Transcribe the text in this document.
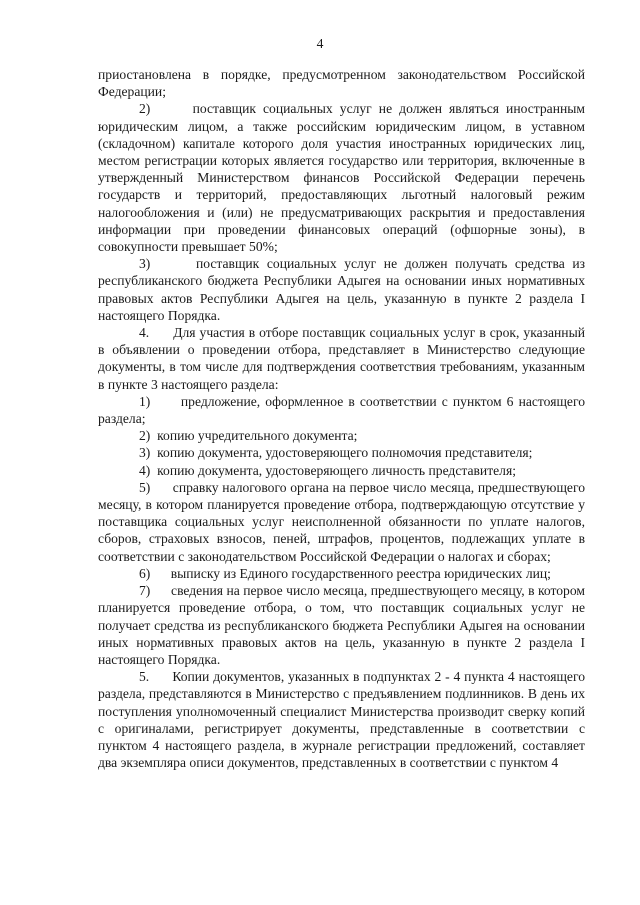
4

приостановлена в порядке, предусмотренном законодательством Российской Федерации;

2)      поставщик социальных услуг не должен являться иностранным юридическим лицом, а также российским юридическим лицом, в уставном (складочном) капитале которого доля участия иностранных юридических лиц, местом регистрации которых является государство или территория, включенные в утвержденный Министерством финансов Российской Федерации перечень государств и территорий, предоставляющих льготный налоговый режим налогообложения и (или) не предусматривающих раскрытия и предоставления информации при проведении финансовых операций (офшорные зоны), в совокупности превышает 50%;

3)      поставщик социальных услуг не должен получать средства из республиканского бюджета Республики Адыгея на основании иных нормативных правовых актов Республики Адыгея на цель, указанную в пункте 2 раздела I настоящего Порядка.

4.      Для участия в отборе поставщик социальных услуг в срок, указанный в объявлении о проведении отбора, представляет в Министерство следующие документы, в том числе для подтверждения соответствия требованиям, указанным в пункте 3 настоящего раздела:

1)      предложение, оформленное в соответствии с пунктом 6 настоящего раздела;

2)  копию учредительного документа;

3)  копию документа, удостоверяющего полномочия представителя;

4)  копию документа, удостоверяющего личность представителя;

5)      справку налогового органа на первое число месяца, предшествующего месяцу, в котором планируется проведение отбора, подтверждающую отсутствие у поставщика социальных услуг неисполненной обязанности по уплате налогов, сборов, страховых взносов, пеней, штрафов, процентов, подлежащих уплате в соответствии с законодательством Российской Федерации о налогах и сборах;

6)      выписку из Единого государственного реестра юридических лиц;

7)      сведения на первое число месяца, предшествующего месяцу, в котором планируется проведение отбора, о том, что поставщик социальных услуг не получает средства из республиканского бюджета Республики Адыгея на основании иных нормативных правовых актов на цель, указанную в пункте 2 раздела I настоящего Порядка.

5.      Копии документов, указанных в подпунктах 2 - 4 пункта 4 настоящего раздела, представляются в Министерство с предъявлением подлинников. В день их поступления уполномоченный специалист Министерства производит сверку копий с оригиналами, регистрирует документы, представленные в соответствии с пунктом 4 настоящего раздела, в журнале регистрации предложений, составляет два экземпляра описи документов, представленных в соответствии с пунктом 4
